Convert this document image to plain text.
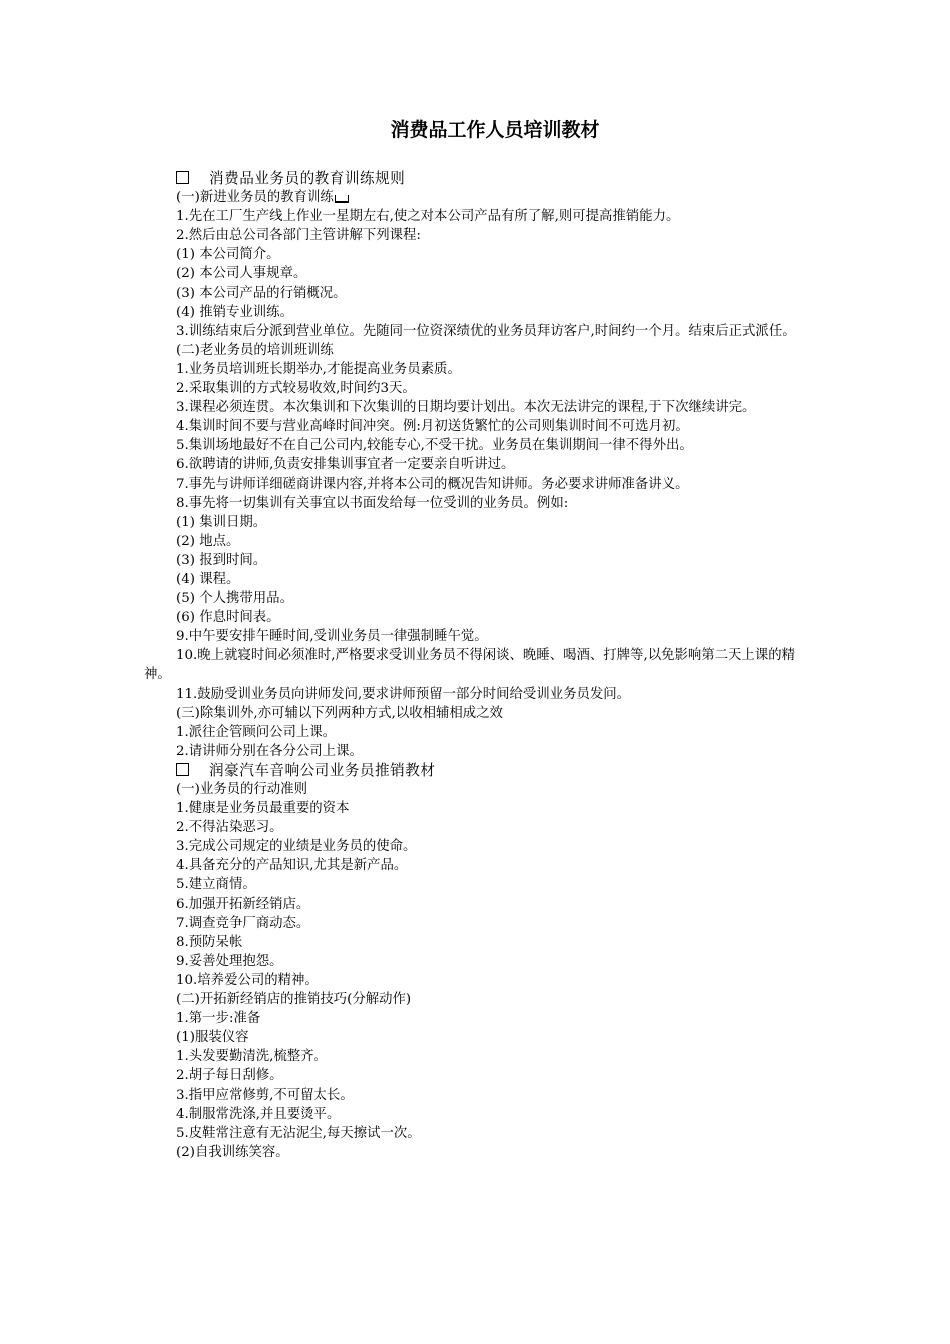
消费品工作人员培训教材

消费品业务员的教育训练规则

(一)新进业务员的教育训练

1.先在工厂生产线上作业一星期左右,使之对本公司产品有所了解,则可提高推销能力。

2.然后由总公司各部门主管讲解下列课程:

(1) 本公司简介。

(2) 本公司人事规章。

(3) 本公司产品的行销概况。

(4) 推销专业训练。

3.训练结束后分派到营业单位。先随同一位资深绩优的业务员拜访客户,时间约一个月。结束后正式派任。

(二)老业务员的培训班训练

1.业务员培训班长期举办,才能提高业务员素质。

2.采取集训的方式较易收效,时间约3天。

3.课程必须连贯。本次集训和下次集训的日期均要计划出。本次无法讲完的课程,于下次继续讲完。

4.集训时间不要与营业高峰时间冲突。例:月初送货繁忙的公司则集训时间不可选月初。

5.集训场地最好不在自己公司内,较能专心,不受干扰。业务员在集训期间一律不得外出。

6.欲聘请的讲师,负责安排集训事宜者一定要亲自听讲过。

7.事先与讲师详细磋商讲课内容,并将本公司的概况告知讲师。务必要求讲师准备讲义。

8.事先将一切集训有关事宜以书面发给每一位受训的业务员。例如:

(1) 集训日期。

(2) 地点。

(3) 报到时间。

(4) 课程。

(5) 个人携带用品。

(6) 作息时间表。

9.中午要安排午睡时间,受训业务员一律强制睡午觉。

10.晚上就寝时间必须准时,严格要求受训业务员不得闲谈、晚睡、喝酒、打牌等,以免影响第二天上课的精神。

11.鼓励受训业务员向讲师发问,要求讲师预留一部分时间给受训业务员发问。

(三)除集训外,亦可辅以下列两种方式,以收相辅相成之效

1.派往企管顾问公司上课。

2.请讲师分别在各分公司上课。

润豪汽车音响公司业务员推销教材

(一)业务员的行动准则

1.健康是业务员最重要的资本

2.不得沾染恶习。

3.完成公司规定的业绩是业务员的使命。

4.具备充分的产品知识,尤其是新产品。

5.建立商情。

6.加强开拓新经销店。

7.调查竞争厂商动态。

8.预防呆帐

9.妥善处理抱怨。

10.培养爱公司的精神。

(二)开拓新经销店的推销技巧(分解动作)

1.第一步:准备

(1)服装仪容

1.头发要勤清洗,梳整齐。

2.胡子每日刮修。

3.指甲应常修剪,不可留太长。

4.制服常洗涤,并且要烫平。

5.皮鞋常注意有无沾泥尘,每天擦试一次。

(2)自我训练笑容。
